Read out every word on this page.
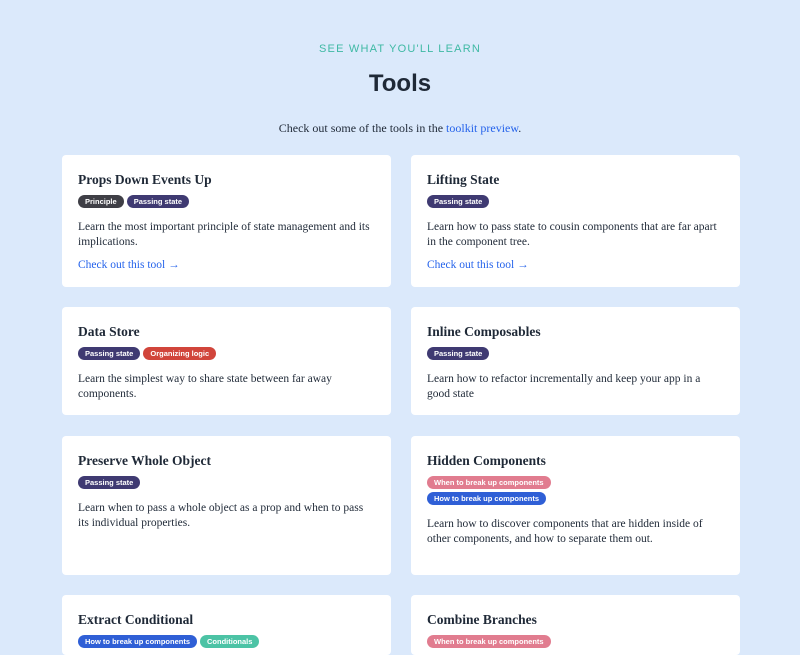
SEE WHAT YOU'LL LEARN
Tools
Check out some of the tools in the toolkit preview.
Props Down Events Up
Principle	Passing state

Learn the most important principle of state management and its implications.

Check out this tool →
Lifting State
Passing state

Learn how to pass state to cousin components that are far apart in the component tree.

Check out this tool →
Data Store
Passing state	Organizing logic

Learn the simplest way to share state between far away components.

Inline Composables
Passing state

Learn how to refactor incrementally and keep your app in a good state

Preserve Whole Object
Passing state

Learn when to pass a whole object as a prop and when to pass its individual properties.

Hidden Components
When to break up components
How to break up components

Learn how to discover components that are hidden inside of other components, and how to separate them out.

Extract Conditional
How to break up components	Conditionals
Combine Branches
When to break up components
